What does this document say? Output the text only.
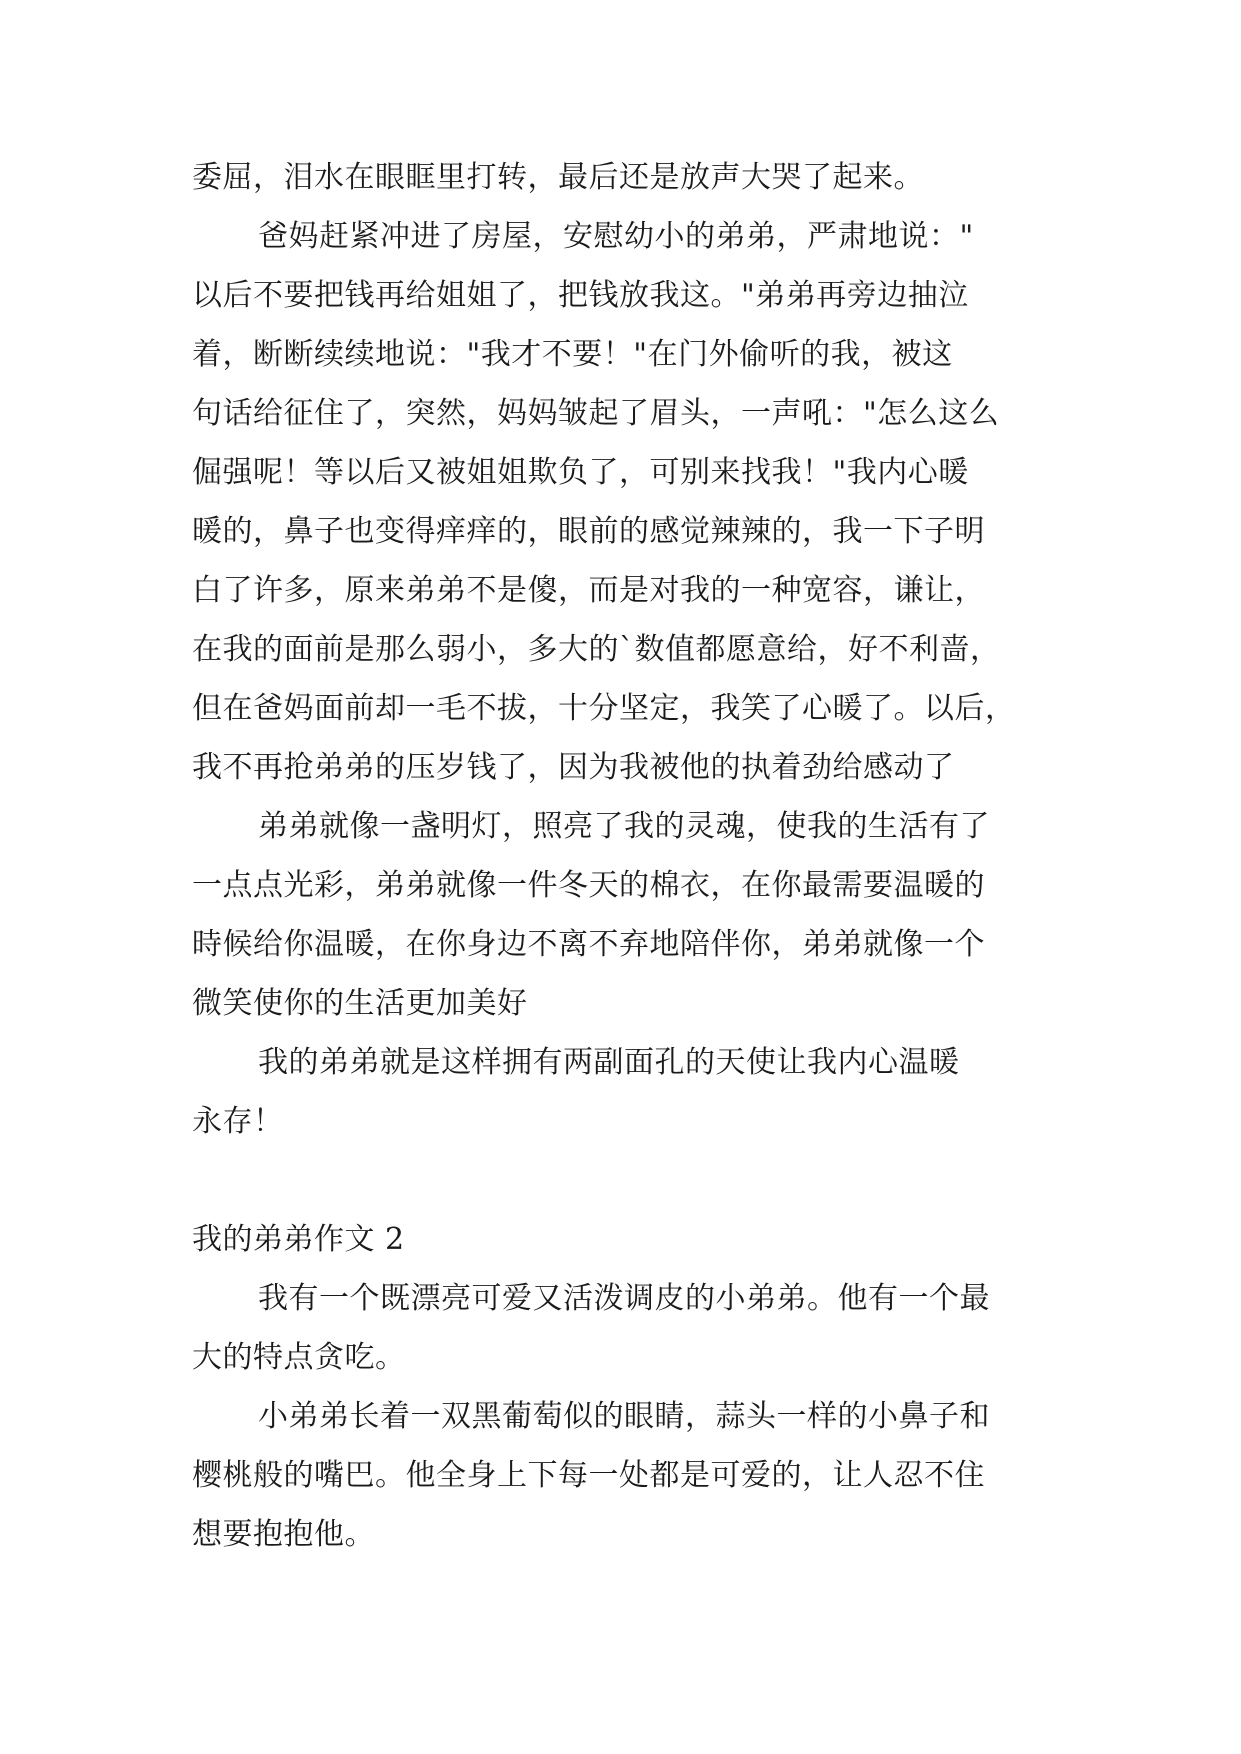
委屈，泪水在眼眶里打转，最后还是放声大哭了起来。
爸妈赶紧冲进了房屋，安慰幼小的弟弟，严肃地说："
以后不要把钱再给姐姐了，把钱放我这。"弟弟再旁边抽泣
着，断断续续地说："我才不要！"在门外偷听的我，被这
句话给征住了，突然，妈妈皱起了眉头，一声吼："怎么这么
倔强呢！等以后又被姐姐欺负了，可别来找我！"我内心暖
暖的，鼻子也变得痒痒的，眼前的感觉辣辣的，我一下子明
白了许多，原来弟弟不是傻，而是对我的一种宽容，谦让，
在我的面前是那么弱小，多大的`数值都愿意给，好不利啬，
但在爸妈面前却一毛不拔，十分坚定，我笑了心暖了。以后，
我不再抢弟弟的压岁钱了，因为我被他的执着劲给感动了
弟弟就像一盏明灯，照亮了我的灵魂，使我的生活有了
一点点光彩，弟弟就像一件冬天的棉衣，在你最需要温暖的
時候给你温暖，在你身边不离不弃地陪伴你，弟弟就像一个
微笑使你的生活更加美好
我的弟弟就是这样拥有两副面孔的天使让我内心温暖
永存！
我的弟弟作文 2
我有一个既漂亮可爱又活泼调皮的小弟弟。他有一个最
大的特点贪吃。
小弟弟长着一双黑葡萄似的眼睛，蒜头一样的小鼻子和
樱桃般的嘴巴。他全身上下每一处都是可爱的，让人忍不住
想要抱抱他。
